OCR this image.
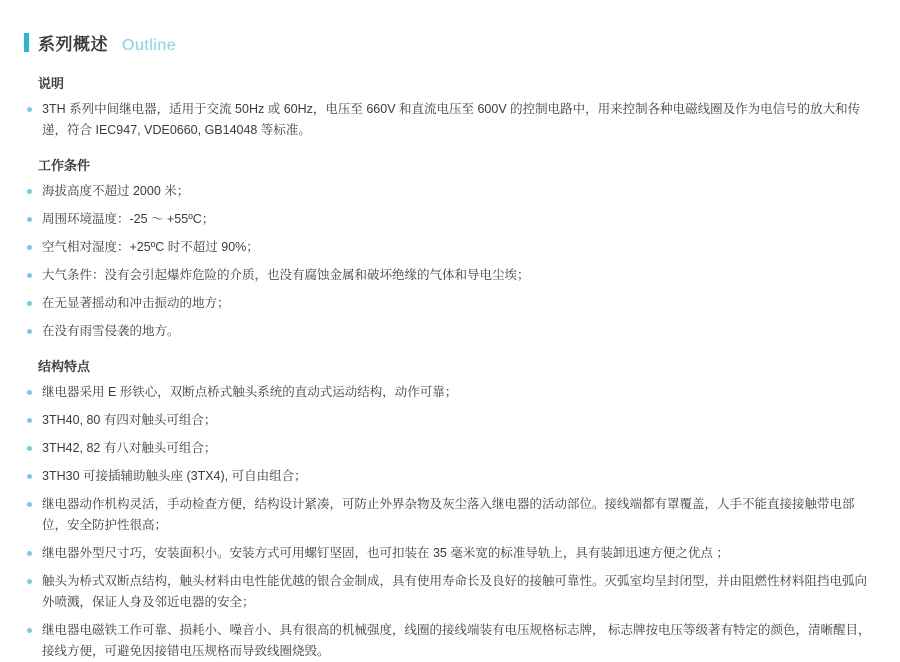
系列概述 Outline
说明
3TH 系列中间继电器，适用于交流 50Hz 或 60Hz，电压至 660V 和直流电压至 600V 的控制电路中，用来控制各种电磁线圈及作为电信号的放大和传递，符合 IEC947, VDE0660, GB14048 等标准。
工作条件
海拔高度不超过 2000 米；
周围环境温度：-25 ～ +55ºC；
空气相对湿度：+25ºC 时不超过 90%；
大气条件：没有会引起爆炸危险的介质，也没有腐蚀金属和破坏绝缘的气体和导电尘埃；
在无显著摇动和冲击振动的地方；
在没有雨雪侵袭的地方。
结构特点
继电器采用 E 形铁心，双断点桥式触头系统的直动式运动结构，动作可靠；
3TH40, 80 有四对触头可组合；
3TH42, 82 有八对触头可组合；
3TH30 可接插辅助触头座 (3TX4), 可自由组合；
继电器动作机构灵活，手动检查方便，结构设计紧凑，可防止外界杂物及灰尘落入继电器的活动部位。接线端都有罩覆盖，人手不能直接接触带电部位，安全防护性很高；
继电器外型尺寸巧，安装面积小。安装方式可用螺钉坚固，也可扣装在 35 毫米宽的标准导轨上，具有装卸迅速方便之优点 ；
触头为桥式双断点结构，触头材料由电性能优越的银合金制成，具有使用寿命长及良好的接触可靠性。灭弧室均呈封闭型，并由阻燃性材料阻挡电弧向外喷溅，保证人身及邻近电器的安全；
继电器电磁铁工作可靠、损耗小、噪音小、具有很高的机械强度，线圈的接线端装有电压规格标志牌， 标志牌按电压等级著有特定的颜色，清晰醒目，接线方便，可避免因接错电压规格而导致线圈烧毁。
